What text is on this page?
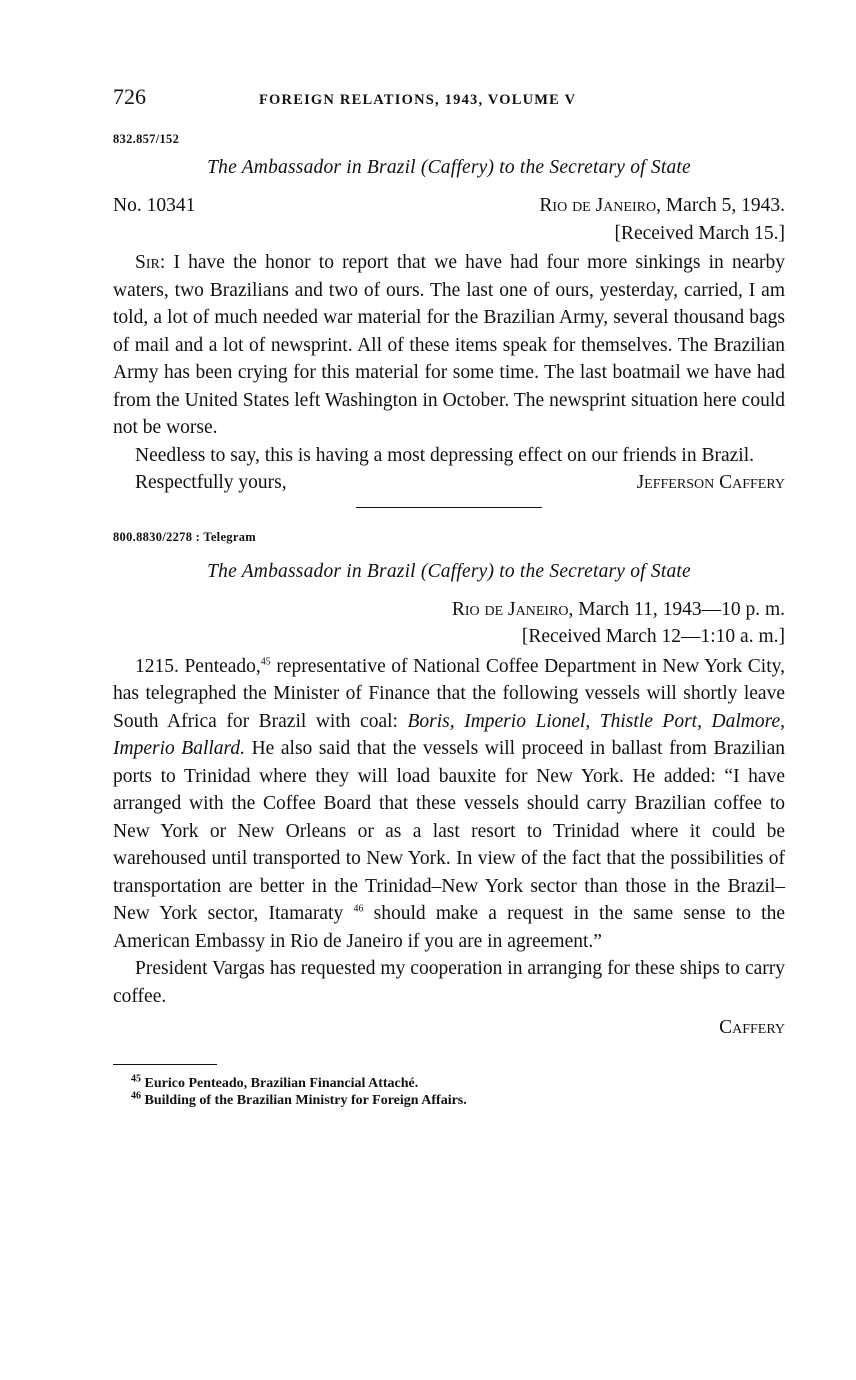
726	FOREIGN RELATIONS, 1943, VOLUME V
832.857/152
The Ambassador in Brazil (Caffery) to the Secretary of State
No. 10341	Rio de Janeiro, March 5, 1943.
[Received March 15.]

Sir: I have the honor to report that we have had four more sinkings in nearby waters, two Brazilians and two of ours. The last one of ours, yesterday, carried, I am told, a lot of much needed war material for the Brazilian Army, several thousand bags of mail and a lot of newsprint. All of these items speak for themselves. The Brazilian Army has been crying for this material for some time. The last boatmail we have had from the United States left Washington in October. The newsprint situation here could not be worse.

Needless to say, this is having a most depressing effect on our friends in Brazil.

Respectfully yours,	Jefferson Caffery
800.8830/2278 : Telegram
The Ambassador in Brazil (Caffery) to the Secretary of State
Rio de Janeiro, March 11, 1943—10 p. m.
[Received March 12—1:10 a. m.]

1215. Penteado,$^{45}$ representative of National Coffee Department in New York City, has telegraphed the Minister of Finance that the following vessels will shortly leave South Africa for Brazil with coal: Boris, Imperio Lionel, Thistle Port, Dalmore, Imperio Ballard. He also said that the vessels will proceed in ballast from Brazilian ports to Trinidad where they will load bauxite for New York. He added: “I have arranged with the Coffee Board that these vessels should carry Brazilian coffee to New York or New Orleans or as a last resort to Trinidad where it could be warehoused until transported to New York. In view of the fact that the possibilities of transportation are better in the Trinidad–New York sector than those in the Brazil–New York sector, Itamaraty $^{46}$ should make a request in the same sense to the American Embassy in Rio de Janeiro if you are in agreement.”

President Vargas has requested my cooperation in arranging for these ships to carry coffee.

Caffery
$^{45}$ Eurico Penteado, Brazilian Financial Attaché.
$^{46}$ Building of the Brazilian Ministry for Foreign Affairs.
